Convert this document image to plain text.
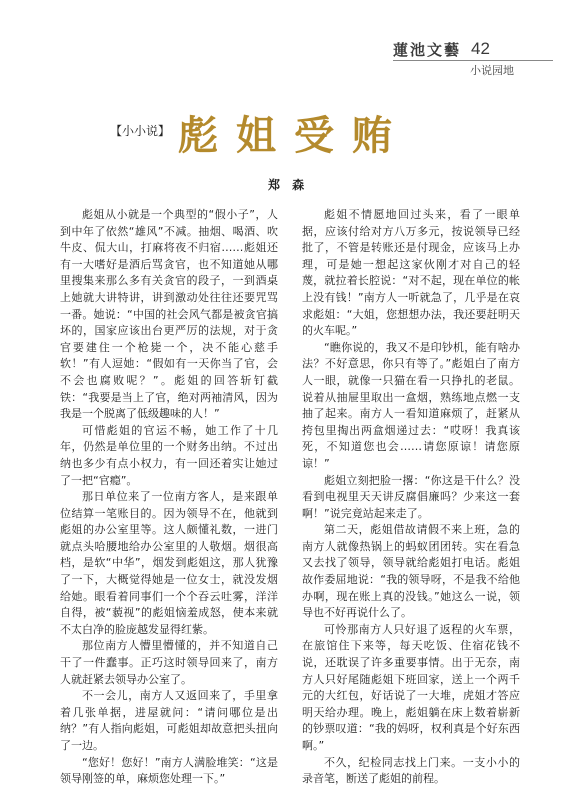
蓮池文藝 42
小说园地
【小小说】 彪姐受贿
郑 森

彪姐从小就是一个典型的“假小子”，人到中年了依然“雄风”不减。抽烟、喝酒、吹牛皮、侃大山，打麻将夜不归宿……彪姐还有一大嗜好是酒后骂贪官，也不知道她从哪里搜集来那么多有关贪官的段子，一到酒桌上她就大讲特讲，讲到激动处往往还要咒骂一番。她说：“中国的社会风气都是被贪官搞坏的，国家应该出台更严厉的法规，对于贪官要建住一个枪毙一个，决不能心慈手软！”有人逗她：“假如有一天你当了官，会不会也腐败呢？”。彪姐的回答斩钉截铁：“我要是当上了官，绝对两袖清风，因为我是一个脱离了低级趣味的人！”

可惜彪姐的官运不畅，她工作了十几年，仍然是单位里的一个财务出纳。不过出纳也多少有点小权力，有一回还着实让她过了一把“官瘾”。

那日单位来了一位南方客人，是来跟单位结算一笔账目的。因为领导不在，他就到彪姐的办公室里等。这人颇懂礼数，一进门就点头哈腰地给办公室里的人敬烟。烟很高档，是软“中华”，烟发到彪姐这，那人犹豫了一下，大概觉得她是一位女士，就没发烟给她。眼看着同事们一个个吞云吐雾，洋洋自得，被“藐视”的彪姐恼羞成怒，使本来就不太白净的脸庞越发显得红紫。

那位南方人懵里懵懂的，并不知道自己干了一件蠢事。正巧这时领导回来了，南方人就赶紧去领导办公室了。

不一会儿，南方人又返回来了，手里拿着几张单据，进屋就问：“请问哪位是出纳？”有人指向彪姐，可彪姐却故意把头扭向了一边。

“您好！您好！”南方人满脸堆笑：“这是领导刚签的单，麻烦您处理一下。”

彪姐不情愿地回过头来，看了一眼单据，应该付给对方八万多元，按说领导已经批了，不管是转账还是付现金，应该马上办理，可是她一想起这家伙刚才对自己的轻蔑，就拉着长腔说：“对不起，现在单位的帐上没有钱！”南方人一听就急了，几乎是在哀求彪姐：“大姐，您想想办法，我还要赶明天的火车呢。”

“瞧你说的，我又不是印钞机，能有啥办法？不好意思，你只有等了。”彪姐白了南方人一眼，就像一只猫在看一只挣扎的老鼠。说着从抽屉里取出一盒烟，熟练地点燃一支抽了起来。南方人一看知道麻烦了，赶紧从挎包里掏出两盒烟递过去：“哎呀！我真该死，不知道您也会……请您原谅！请您原谅！”

彪姐立刻把脸一撂：“你这是干什么？没看到电视里天天讲反腐倡廉吗？少来这一套啊！”说完竟站起来走了。

第二天，彪姐借故请假不来上班，急的南方人就像热锅上的蚂蚁团团转。实在看急又去找了领导，领导就给彪姐打电话。彪姐故作委屈地说：“我的领导呀，不是我不给他办啊，现在账上真的没钱。”她这么一说，领导也不好再说什么了。

可怜那南方人只好退了返程的火车票，在旅馆住下来等，每天吃饭、住宿花钱不说，还耽误了许多重要事情。出于无奈，南方人只好尾随彪姐下班回家，送上一个两千元的大红包，好话说了一大堆，虎姐才答应明天给办理。晚上，彪姐躺在床上数着崭新的钞票叹道：“我的妈呀，权利真是个好东西啊。”

不久，纪检同志找上门来。一支小小的录音笔，断送了彪姐的前程。
